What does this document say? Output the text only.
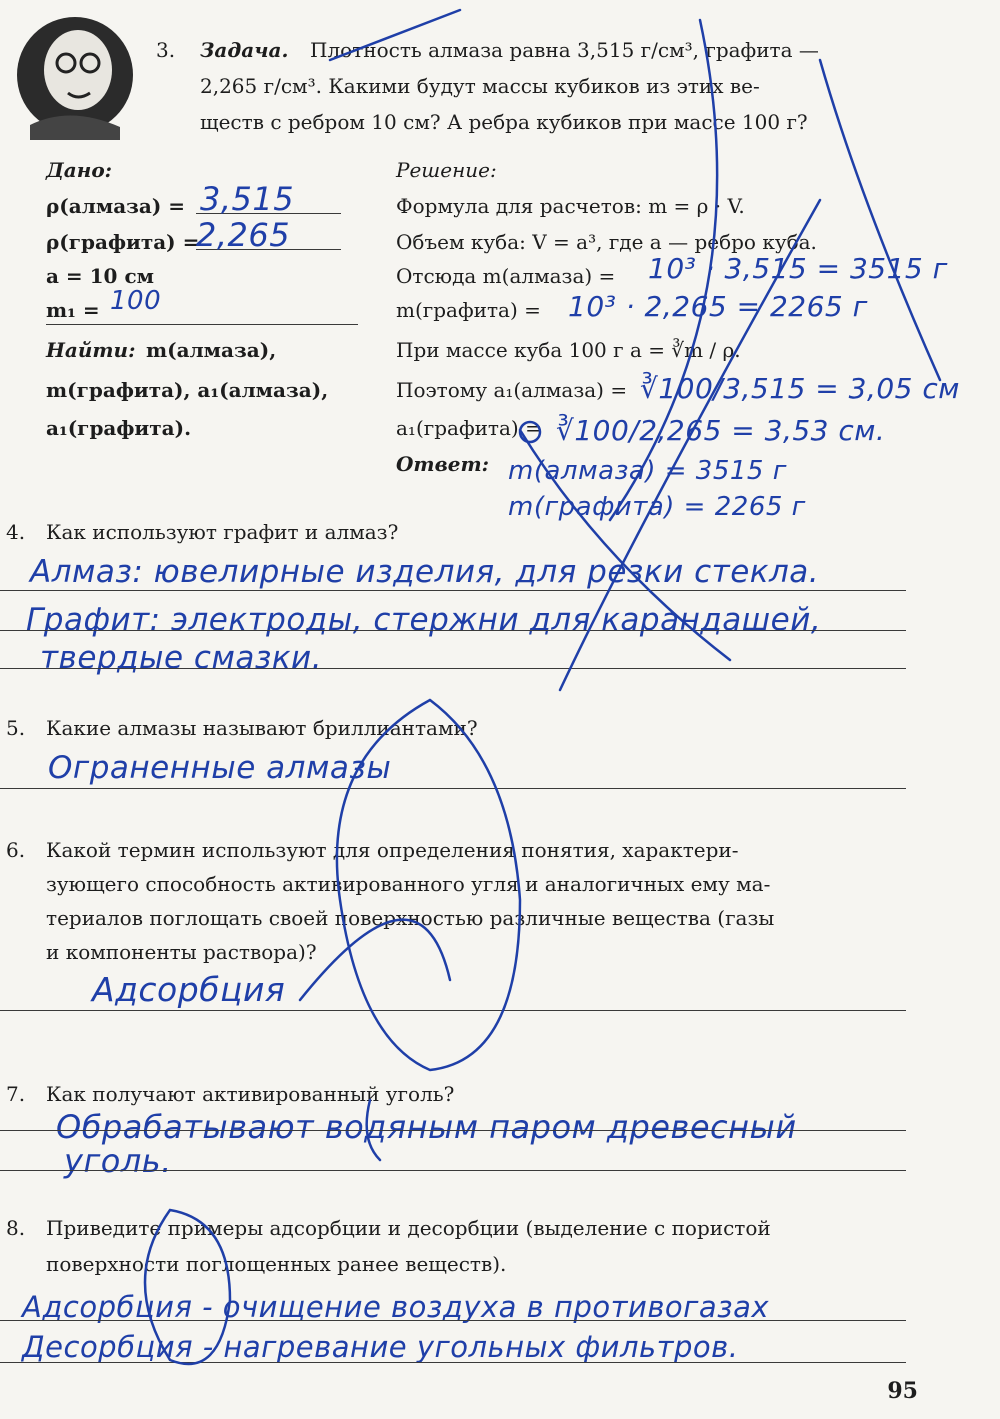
3. Задача. Плотность алмаза равна 3,515 г/см³, графита —
2,265 г/см³. Какими будут массы кубиков из этих ве-
ществ с ребром 10 см? А ребра кубиков при массе 100 г?
Дано:
ρ(алмаза) = 3,515
ρ(графита) =
2,265
a = 10 см
m₁ = 100
Найти: m(алмаза),
m(графита), a₁(алмаза),
a₁(графита).
Решение:
Формула для расчетов: m = ρ · V.
Объем куба: V = a³, где a — ребро куба.
Отсюда m(алмаза) = 10³ · 3,515 = 3515 г
m(графита) = 10³ · 2,265 = 2265 г
При массе куба 100 г a = ∛m / ρ.
Поэтому a₁(алмаза) = ∛100/3,515 = 3,05 см
a₁(графита) = ∛100/2,265 = 3,53 см.
Ответ: m(алмаза) = 3515 г
m(графита) = 2265 г
4. Как используют графит и алмаз?
Алмаз: ювелирные изделия, для резки стекла.
Графит: электроды, стержни для карандашей,
твердые смазки.
5. Какие алмазы называют бриллиантами?
Ограненные алмазы
6. Какой термин используют для определения понятия, характери-
зующего способность активированного угля и аналогичных ему ма-
териалов поглощать своей поверхностью различные вещества (газы
и компоненты раствора)?
Адсорбция
7. Как получают активированный уголь?
Обрабатывают водяным паром древесный
уголь.
8. Приведите примеры адсорбции и десорбции (выделение с пористой
поверхности поглощенных ранее веществ).
Адсорбция - очищение воздуха в противогазах
Десорбция - нагревание угольных фильтров.
95
